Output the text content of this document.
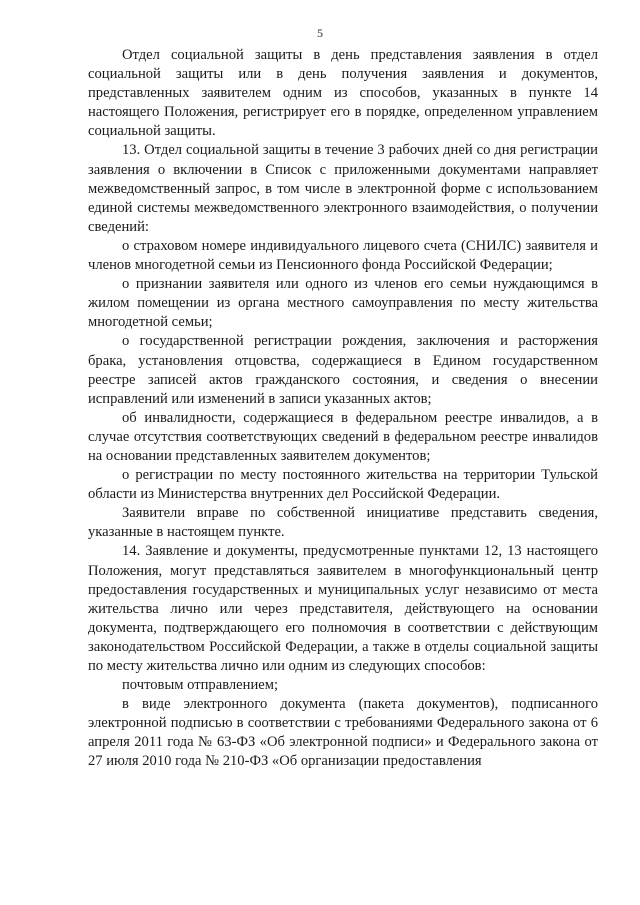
5

Отдел социальной защиты в день представления заявления в отдел социальной защиты или в день получения заявления и документов, представленных заявителем одним из способов, указанных в пункте 14 настоящего Положения, регистрирует его в порядке, определенном управлением социальной защиты.

13. Отдел социальной защиты в течение 3 рабочих дней со дня регистрации заявления о включении в Список с приложенными документами направляет межведомственный запрос, в том числе в электронной форме с использованием единой системы межведомственного электронного взаимодействия, о получении сведений:

о страховом номере индивидуального лицевого счета (СНИЛС) заявителя и членов многодетной семьи из Пенсионного фонда Российской Федерации;

о признании заявителя или одного из членов его семьи нуждающимся в жилом помещении из органа местного самоуправления по месту жительства многодетной семьи;

о государственной регистрации рождения, заключения и расторжения брака, установления отцовства, содержащиеся в Едином государственном реестре записей актов гражданского состояния, и сведения о внесении исправлений или изменений в записи указанных актов;

об инвалидности, содержащиеся в федеральном реестре инвалидов, а в случае отсутствия соответствующих сведений в федеральном реестре инвалидов на основании представленных заявителем документов;

о регистрации по месту постоянного жительства на территории Тульской области из Министерства внутренних дел Российской Федерации.

Заявители вправе по собственной инициативе представить сведения, указанные в настоящем пункте.

14. Заявление и документы, предусмотренные пунктами 12, 13 настоящего Положения, могут представляться заявителем в многофункциональный центр предоставления государственных и муниципальных услуг независимо от места жительства лично или через представителя, действующего на основании документа, подтверждающего его полномочия в соответствии с действующим законодательством Российской Федерации, а также в отделы социальной защиты по месту жительства лично или одним из следующих способов:

почтовым отправлением;

в виде электронного документа (пакета документов), подписанного электронной подписью в соответствии с требованиями Федерального закона от 6 апреля 2011 года № 63-ФЗ «Об электронной подписи» и Федерального закона от 27 июля 2010 года № 210-ФЗ «Об организации предоставления
